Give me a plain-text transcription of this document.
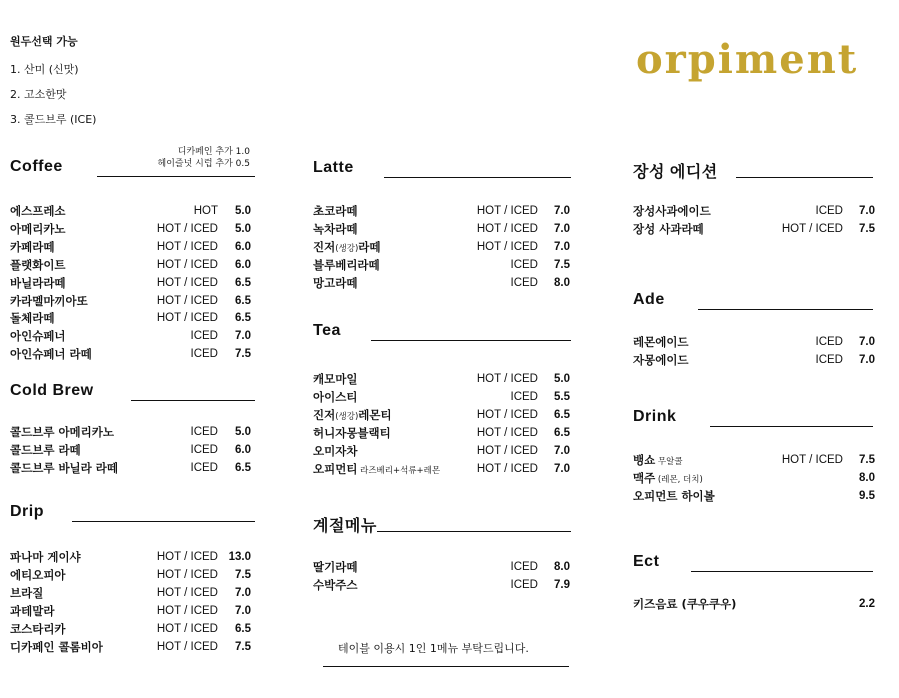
원두선택 가능
1. 산미 (신맛)
2. 고소한맛
3. 콜드브루 (ICE)
orpiment
디카페인 추가 1.0
헤이즐넛 시럽 추가 0.5
Coffee
에스프레소	HOT 5.0
아메리카노	HOT / ICED 5.0
카페라떼	HOT / ICED 6.0
플랫화이트	HOT / ICED 6.0
바닐라라떼	HOT / ICED 6.5
카라멜마끼아또	HOT / ICED 6.5
돌체라떼	HOT / ICED 6.5
아인슈페너	ICED 7.0
아인슈페너 라떼	ICED 7.5
Cold Brew
콜드브루 아메리카노	ICED 5.0
콜드브루 라떼	ICED 6.0
콜드브루 바닐라 라떼	ICED 6.5
Drip
파나마 게이샤	HOT / ICED 13.0
에티오피아	HOT / ICED 7.5
브라질	HOT / ICED 7.0
과테말라	HOT / ICED 7.0
코스타리카	HOT / ICED 6.5
디카페인 콜롬비아	HOT / ICED 7.5
Latte
초코라떼	HOT / ICED 7.0
녹차라떼	HOT / ICED 7.0
진저(생강)라떼	HOT / ICED 7.0
블루베리라떼	ICED 7.5
망고라떼	ICED 8.0
Tea
캐모마일	HOT / ICED 5.0
아이스티	ICED 5.5
진저(생강)레몬티	HOT / ICED 6.5
허니자몽블랙티	HOT / ICED 6.5
오미자차	HOT / ICED 7.0
오피먼티 라즈베리+석류+레몬	HOT / ICED 7.0
계절메뉴
딸기라떼	ICED 8.0
수박주스	ICED 7.9
장성 에디션
장성사과에이드	ICED 7.0
장성 사과라떼	HOT / ICED 7.5
Ade
레몬에이드	ICED 7.0
자몽에이드	ICED 7.0
Drink
뱅쇼 무알콜	HOT / ICED 7.5
맥주 (레몬, 더치)	8.0
오피먼트 하이볼	9.5
Ect
키즈음료 (쿠우쿠우)	2.2
테이블 이용시 1인 1메뉴 부탁드립니다.
